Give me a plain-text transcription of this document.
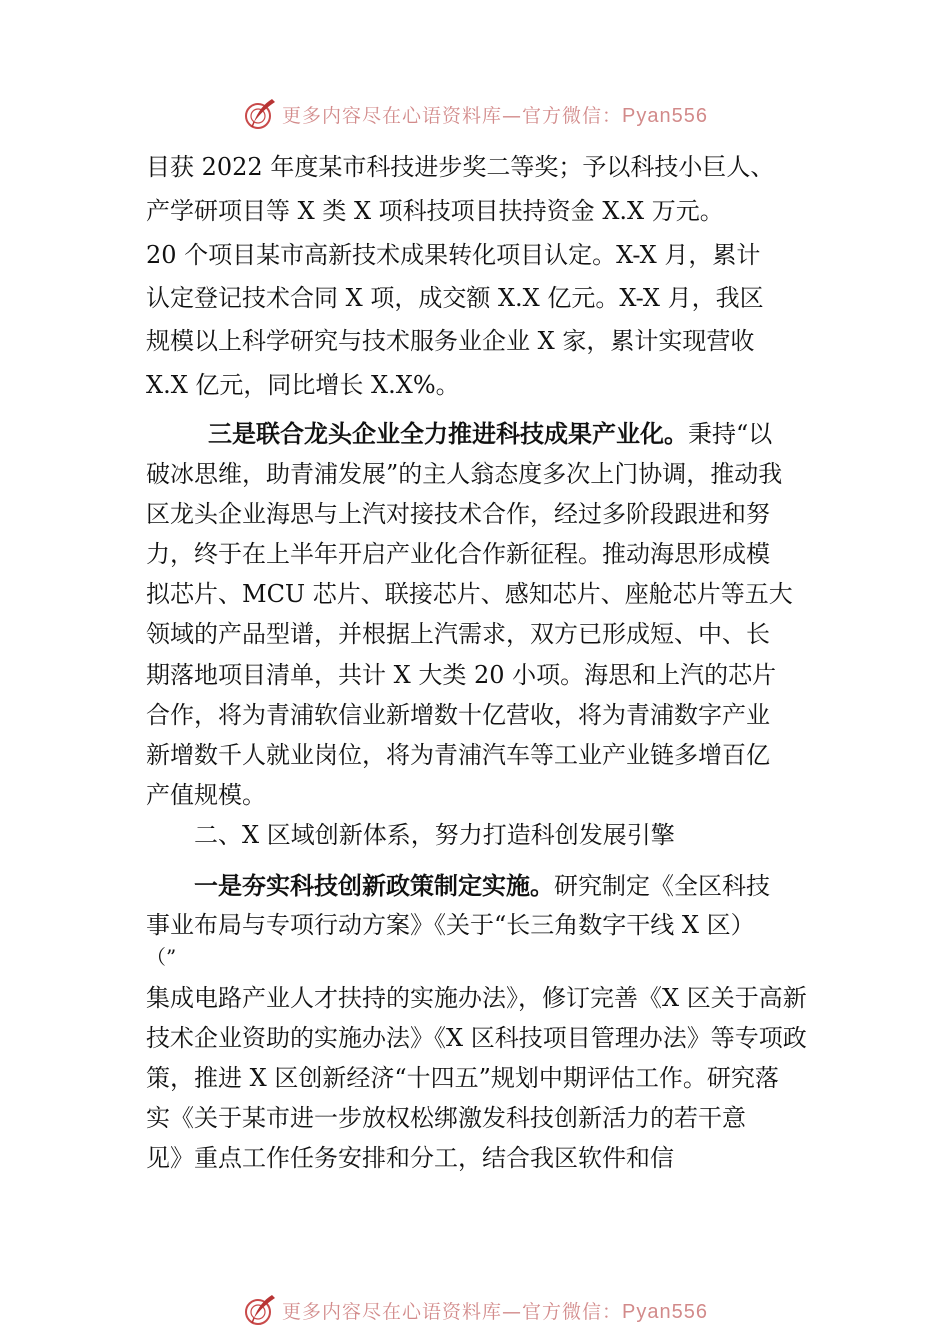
更多内容尽在心语资料库—官方微信：Pyan556
目获 2022 年度某市科技进步奖二等奖；予以科技小巨人、
产学研项目等 X 类 X 项科技项目扶持资金 X.X 万元。
20 个项目某市高新技术成果转化项目认定。X-X 月，累计
认定登记技术合同 X 项，成交额 X.X 亿元。X-X 月，我区
规模以上科学研究与技术服务业企业 X 家，累计实现营收
X.X 亿元，同比增长 X.X%。
三是联合龙头企业全力推进科技成果产业化。秉持“以
破冰思维，助青浦发展”的主人翁态度多次上门协调，推动我
区龙头企业海思与上汽对接技术合作，经过多阶段跟进和努
力，终于在上半年开启产业化合作新征程。推动海思形成模
拟芯片、MCU 芯片、联接芯片、感知芯片、座舱芯片等五大
领域的产品型谱，并根据上汽需求，双方已形成短、中、长
期落地项目清单，共计 X 大类 20 小项。海思和上汽的芯片
合作，将为青浦软信业新增数十亿营收，将为青浦数字产业
新增数千人就业岗位，将为青浦汽车等工业产业链多增百亿
产值规模。
二、X 区域创新体系，努力打造科创发展引擎
一是夯实科技创新政策制定实施。研究制定《全区科技
事业布局与专项行动方案》《关于“长三角数字干线 X 区）
（”
集成电路产业人才扶持的实施办法》，修订完善《X 区关于高新
技术企业资助的实施办法》《X 区科技项目管理办法》等专项政
策，推进 X 区创新经济“十四五”规划中期评估工作。研究落
实《关于某市进一步放权松绑激发科技创新活力的若干意
见》重点工作任务安排和分工，结合我区软件和信
更多内容尽在心语资料库—官方微信：Pyan556
